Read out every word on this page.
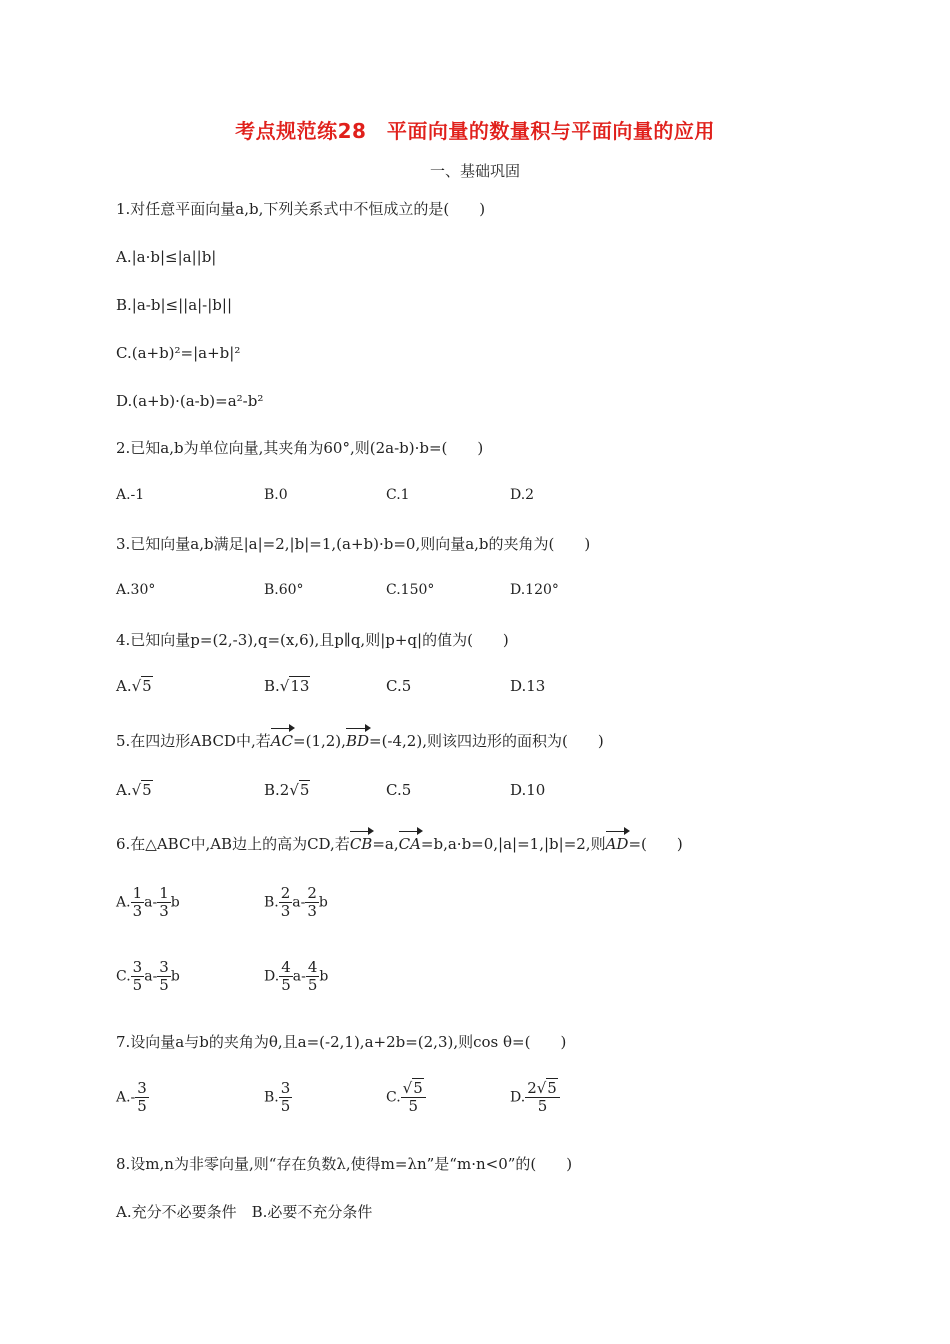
考点规范练28　平面向量的数量积与平面向量的应用
一、基础巩固
1.对任意平面向量a,b,下列关系式中不恒成立的是(　　)
A.|a·b|≤|a||b|
B.|a-b|≤||a|-|b||
C.(a+b)²=|a+b|²
D.(a+b)·(a-b)=a²-b²
2.已知a,b为单位向量,其夹角为60°,则(2a-b)·b=(　　)
A.-1	B.0	C.1	D.2
3.已知向量a,b满足|a|=2,|b|=1,(a+b)·b=0,则向量a,b的夹角为(　　)
A.30°	B.60°	C.150°	D.120°
4.已知向量p=(2,-3),q=(x,6),且p∥q,则|p+q|的值为(　　)
A.√5	B.√13	C.5	D.13
5.在四边形ABCD中,若AC=(1,2),BD=(-4,2),则该四边形的面积为(　　)
A.√5	B.2√5	C.5	D.10
6.在△ABC中,AB边上的高为CD,若CB=a,CA=b,a·b=0,|a|=1,|b|=2,则AD=(　　)
A. $\frac{1}{3} a- \frac{1}{3}$ b	B. $\frac{2}{3} a- \frac{2}{3}$ b
C. $\frac{3}{5} a- \frac{3}{5}$ b	D. $\frac{4}{5} a- \frac{4}{5}$ b
7.设向量a与b的夹角为θ,且a=(-2,1),a+2b=(2,3),则cos θ=(　　)
$A.- \frac{3}{5}$	B. $\frac{3}{5}$	C. $\frac{√5}{5}$	D. $\frac{2√5}{5}$
8.设m,n为非零向量,则“存在负数λ,使得m=λn”是“m·n<0”的(　　)
A.充分不必要条件　B.必要不充分条件
